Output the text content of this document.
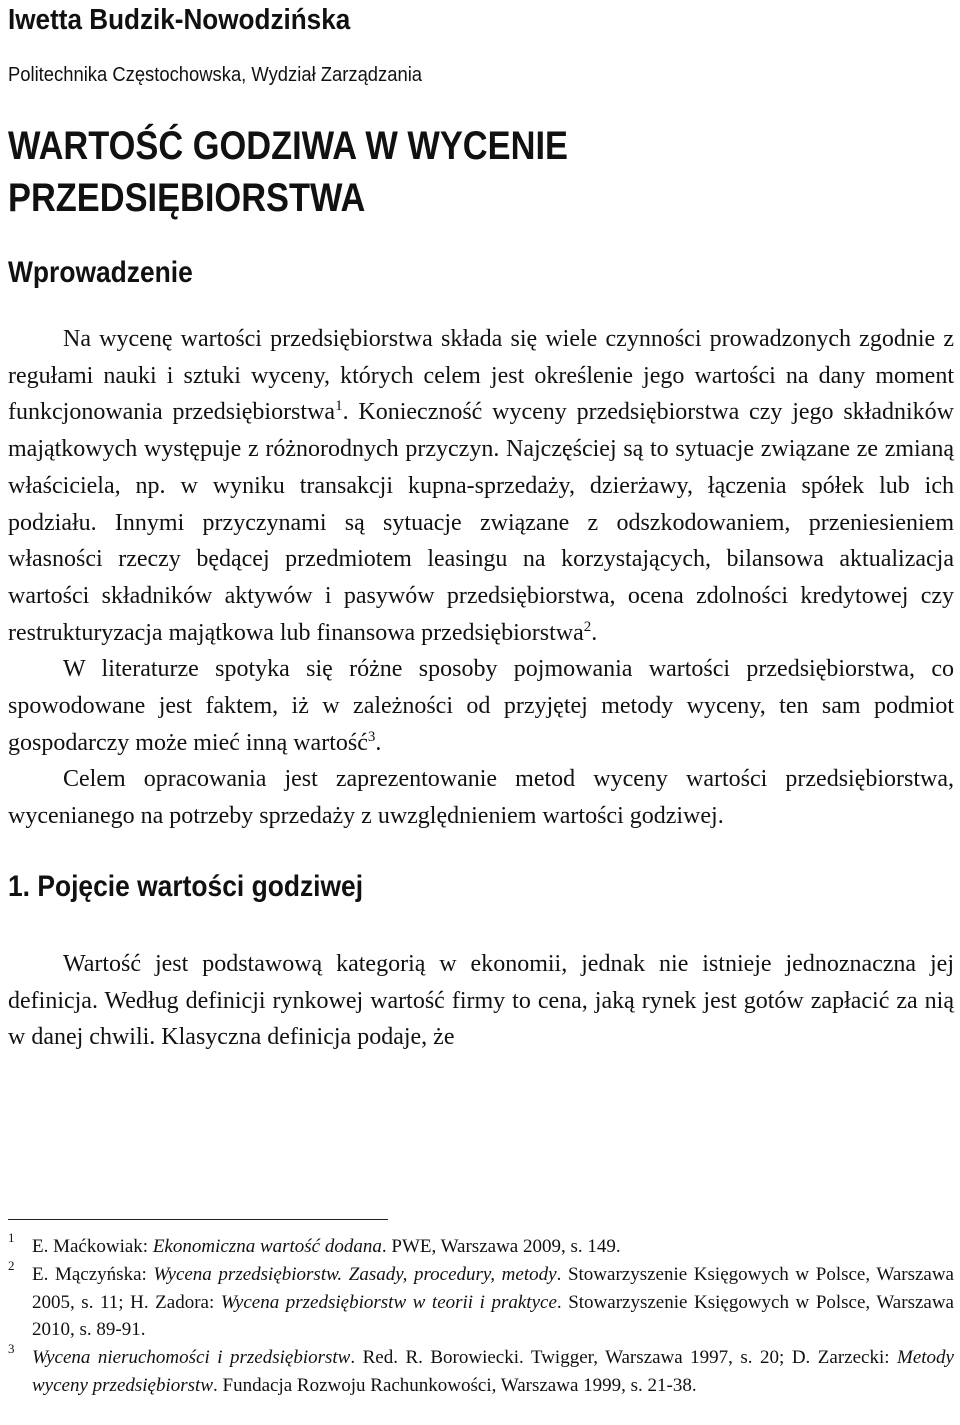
Iwetta Budzik-Nowodzińska
Politechnika Częstochowska, Wydział Zarządzania
WARTOŚĆ GODZIWA W WYCENIE
PRZEDSIĘBIORSTWA
Wprowadzenie

Na wycenę wartości przedsiębiorstwa składa się wiele czynności prowadzonych zgodnie z regułami nauki i sztuki wyceny, których celem jest określenie jego wartości na dany moment funkcjonowania przedsiębiorstwa$^1$. Konieczność wyceny przedsiębiorstwa czy jego składników majątkowych występuje z różnorodnych przyczyn. Najczęściej są to sytuacje związane ze zmianą właściciela, np. w wyniku transakcji kupna-sprzedaży, dzierżawy, łączenia spółek lub ich podziału. Innymi przyczynami są sytuacje związane z odszkodowaniem, przeniesieniem własności rzeczy będącej przedmiotem leasingu na korzystających, bilansowa aktualizacja wartości składników aktywów i pasywów przedsiębiorstwa, ocena zdolności kredytowej czy restrukturyzacja majątkowa lub finansowa przedsiębiorstwa$^2$.

W literaturze spotyka się różne sposoby pojmowania wartości przedsiębiorstwa, co spowodowane jest faktem, iż w zależności od przyjętej metody wyceny, ten sam podmiot gospodarczy może mieć inną wartość$^3$.

Celem opracowania jest zaprezentowanie metod wyceny wartości przedsiębiorstwa, wycenianego na potrzeby sprzedaży z uwzględnieniem wartości godziwej.

1. Pojęcie wartości godziwej

Wartość jest podstawową kategorią w ekonomii, jednak nie istnieje jednoznaczna jej definicja. Według definicji rynkowej wartość firmy to cena, jaką rynek jest gotów zapłacić za nią w danej chwili. Klasyczna definicja podaje, że

1 E. Maćkowiak: Ekonomiczna wartość dodana. PWE, Warszawa 2009, s. 149.
2 E. Mączyńska: Wycena przedsiębiorstw. Zasady, procedury, metody. Stowarzyszenie Księgowych w Polsce, Warszawa 2005, s. 11; H. Zadora: Wycena przedsiębiorstw w teorii i praktyce. Stowarzyszenie Księgowych w Polsce, Warszawa 2010, s. 89-91.
3 Wycena nieruchomości i przedsiębiorstw. Red. R. Borowiecki. Twigger, Warszawa 1997, s. 20; D. Zarzecki: Metody wyceny przedsiębiorstw. Fundacja Rozwoju Rachunkowości, Warszawa 1999, s. 21-38.
